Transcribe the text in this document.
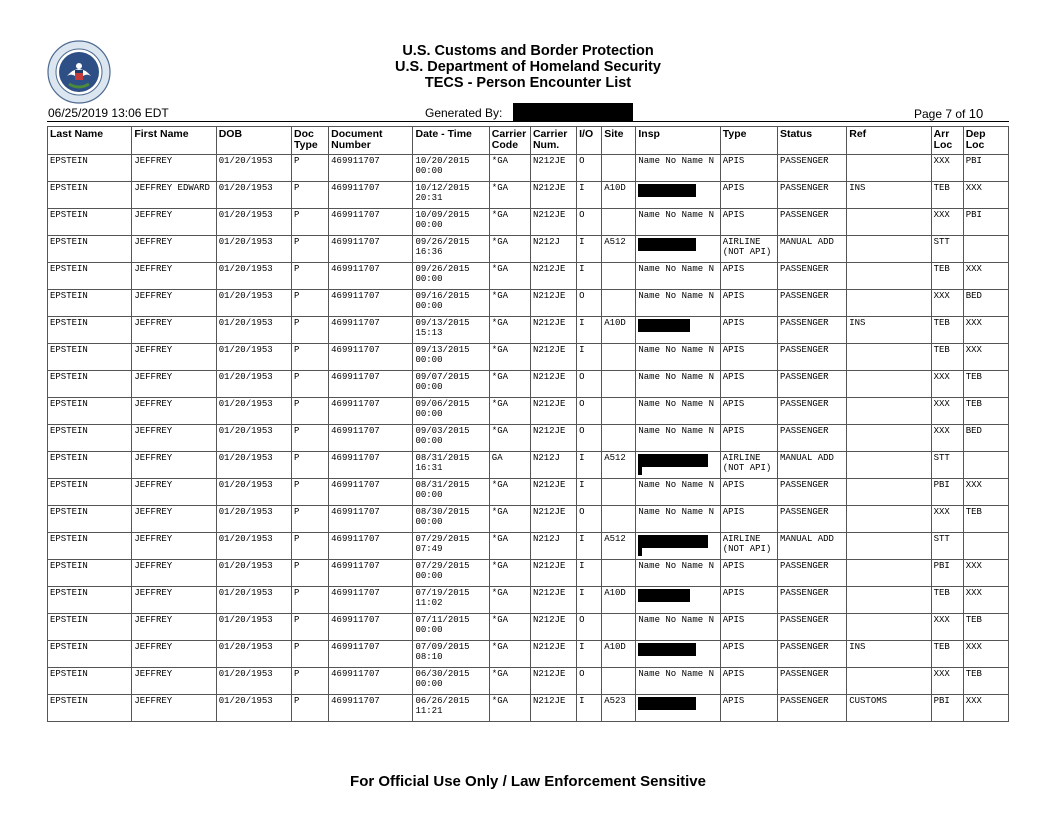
U.S. Customs and Border Protection
U.S. Department of Homeland Security
TECS - Person Encounter List
06/25/2019 13:06 EDT	Generated By:	Page 7 of 10
Last Name	First Name	DOB	Doc Type	Document Number	Date - Time	Carrier Code	Carrier Num.	I/O	Site	Insp	Type	Status	Ref	Arr Loc	Dep Loc
EPSTEIN	JEFFREY	01/20/1953	P	469911707	10/20/2015 00:00	*GA	N212JE	O		Name No Name N	APIS	PASSENGER		XXX	PBI
EPSTEIN	JEFFREY EDWARD	01/20/1953	P	469911707	10/12/2015 20:31	*GA	N212JE	I	A10D		APIS	PASSENGER	INS	TEB	XXX
EPSTEIN	JEFFREY	01/20/1953	P	469911707	10/09/2015 00:00	*GA	N212JE	O		Name No Name N	APIS	PASSENGER		XXX	PBI
EPSTEIN	JEFFREY	01/20/1953	P	469911707	09/26/2015 16:36	*GA	N212J	I	A512		AIRLINE (NOT API)	MANUAL ADD		STT	
EPSTEIN	JEFFREY	01/20/1953	P	469911707	09/26/2015 00:00	*GA	N212JE	I		Name No Name N	APIS	PASSENGER		TEB	XXX
EPSTEIN	JEFFREY	01/20/1953	P	469911707	09/16/2015 00:00	*GA	N212JE	O		Name No Name N	APIS	PASSENGER		XXX	BED
EPSTEIN	JEFFREY	01/20/1953	P	469911707	09/13/2015 15:13	*GA	N212JE	I	A10D		APIS	PASSENGER	INS	TEB	XXX
EPSTEIN	JEFFREY	01/20/1953	P	469911707	09/13/2015 00:00	*GA	N212JE	I		Name No Name N	APIS	PASSENGER		TEB	XXX
EPSTEIN	JEFFREY	01/20/1953	P	469911707	09/07/2015 00:00	*GA	N212JE	O		Name No Name N	APIS	PASSENGER		XXX	TEB
EPSTEIN	JEFFREY	01/20/1953	P	469911707	09/06/2015 00:00	*GA	N212JE	O		Name No Name N	APIS	PASSENGER		XXX	TEB
EPSTEIN	JEFFREY	01/20/1953	P	469911707	09/03/2015 00:00	*GA	N212JE	O		Name No Name N	APIS	PASSENGER		XXX	BED
EPSTEIN	JEFFREY	01/20/1953	P	469911707	08/31/2015 16:31	GA	N212J	I	A512		AIRLINE (NOT API)	MANUAL ADD		STT	
EPSTEIN	JEFFREY	01/20/1953	P	469911707	08/31/2015 00:00	*GA	N212JE	I		Name No Name N	APIS	PASSENGER		PBI	XXX
EPSTEIN	JEFFREY	01/20/1953	P	469911707	08/30/2015 00:00	*GA	N212JE	O		Name No Name N	APIS	PASSENGER		XXX	TEB
EPSTEIN	JEFFREY	01/20/1953	P	469911707	07/29/2015 07:49	*GA	N212J	I	A512		AIRLINE (NOT API)	MANUAL ADD		STT	
EPSTEIN	JEFFREY	01/20/1953	P	469911707	07/29/2015 00:00	*GA	N212JE	I		Name No Name N	APIS	PASSENGER		PBI	XXX
EPSTEIN	JEFFREY	01/20/1953	P	469911707	07/19/2015 11:02	*GA	N212JE	I	A10D		APIS	PASSENGER		TEB	XXX
EPSTEIN	JEFFREY	01/20/1953	P	469911707	07/11/2015 00:00	*GA	N212JE	O		Name No Name N	APIS	PASSENGER		XXX	TEB
EPSTEIN	JEFFREY	01/20/1953	P	469911707	07/09/2015 08:10	*GA	N212JE	I	A10D		APIS	PASSENGER	INS	TEB	XXX
EPSTEIN	JEFFREY	01/20/1953	P	469911707	06/30/2015 00:00	*GA	N212JE	O		Name No Name N	APIS	PASSENGER		XXX	TEB
EPSTEIN	JEFFREY	01/20/1953	P	469911707	06/26/2015 11:21	*GA	N212JE	I	A523		APIS	PASSENGER	CUSTOMS	PBI	XXX
For Official Use Only / Law Enforcement Sensitive
